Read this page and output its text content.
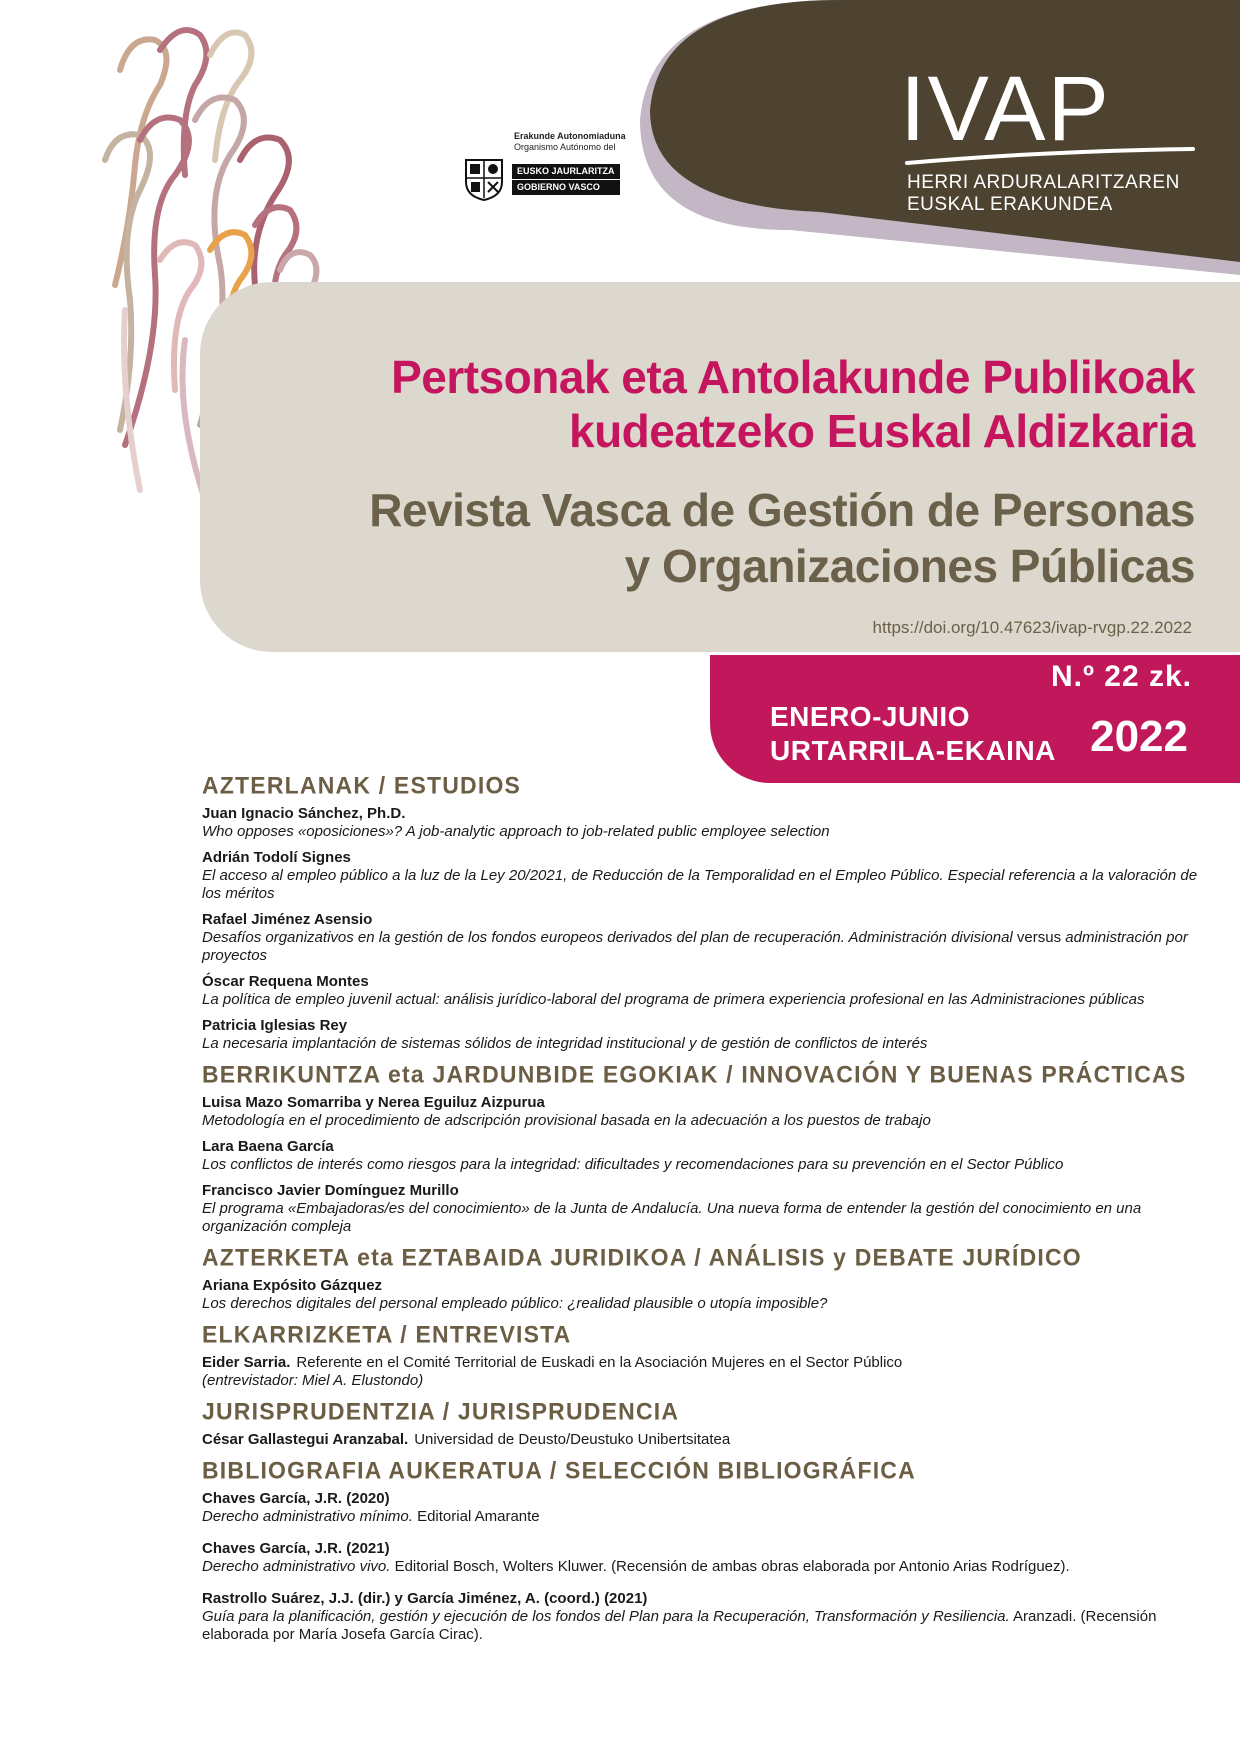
Erakunde Autonomiaduna
Organismo Autónomo del
EUSKO JAURLARITZA
GOBIERNO VASCO
IVAP
HERRI ARDURALARITZAREN
EUSKAL ERAKUNDEA
Pertsonak eta Antolakunde Publikoak
kudeatzeko Euskal Aldizkaria
Revista Vasca de Gestión de Personas
y Organizaciones Públicas
https://doi.org/10.47623/ivap-rvgp.22.2022
N.º 22 zk.
ENERO-JUNIO
URTARRILA-EKAINA 2022
AZTERLANAK / ESTUDIOS
Juan Ignacio Sánchez, Ph.D.
Who opposes «oposiciones»? A job-analytic approach to job-related public employee selection
Adrián Todolí Signes
El acceso al empleo público a la luz de la Ley 20/2021, de Reducción de la Temporalidad en el Empleo Público. Especial referencia a la valoración de los méritos
Rafael Jiménez Asensio
Desafíos organizativos en la gestión de los fondos europeos derivados del plan de recuperación. Administración divisional versus administración por proyectos
Óscar Requena Montes
La política de empleo juvenil actual: análisis jurídico-laboral del programa de primera experiencia profesional en las Administraciones públicas
Patricia Iglesias Rey
La necesaria implantación de sistemas sólidos de integridad institucional y de gestión de conflictos de interés
BERRIKUNTZA eta JARDUNBIDE EGOKIAK / INNOVACIÓN Y BUENAS PRÁCTICAS
Luisa Mazo Somarriba y Nerea Eguiluz Aizpurua
Metodología en el procedimiento de adscripción provisional basada en la adecuación a los puestos de trabajo
Lara Baena García
Los conflictos de interés como riesgos para la integridad: dificultades y recomendaciones para su prevención en el Sector Público
Francisco Javier Domínguez Murillo
El programa «Embajadoras/es del conocimiento» de la Junta de Andalucía. Una nueva forma de entender la gestión del conocimiento en una organización compleja
AZTERKETA eta EZTABAIDA JURIDIKOA / ANÁLISIS y DEBATE JURÍDICO
Ariana Expósito Gázquez
Los derechos digitales del personal empleado público: ¿realidad plausible o utopía imposible?
ELKARRIZKETA / ENTREVISTA
Eider Sarria. Referente en el Comité Territorial de Euskadi en la Asociación Mujeres en el Sector Público
(entrevistador: Miel A. Elustondo)
JURISPRUDENTZIA / JURISPRUDENCIA
César Gallastegui Aranzabal. Universidad de Deusto/Deustuko Unibertsitatea
BIBLIOGRAFIA AUKERATUA / SELECCIÓN BIBLIOGRÁFICA
Chaves García, J.R. (2020)
Derecho administrativo mínimo. Editorial Amarante
Chaves García, J.R. (2021)
Derecho administrativo vivo. Editorial Bosch, Wolters Kluwer. (Recensión de ambas obras elaborada por Antonio Arias Rodríguez).
Rastrollo Suárez, J.J. (dir.) y García Jiménez, A. (coord.) (2021)
Guía para la planificación, gestión y ejecución de los fondos del Plan para la Recuperación, Transformación y Resiliencia. Aranzadi. (Recensión elaborada por María Josefa García Cirac).
